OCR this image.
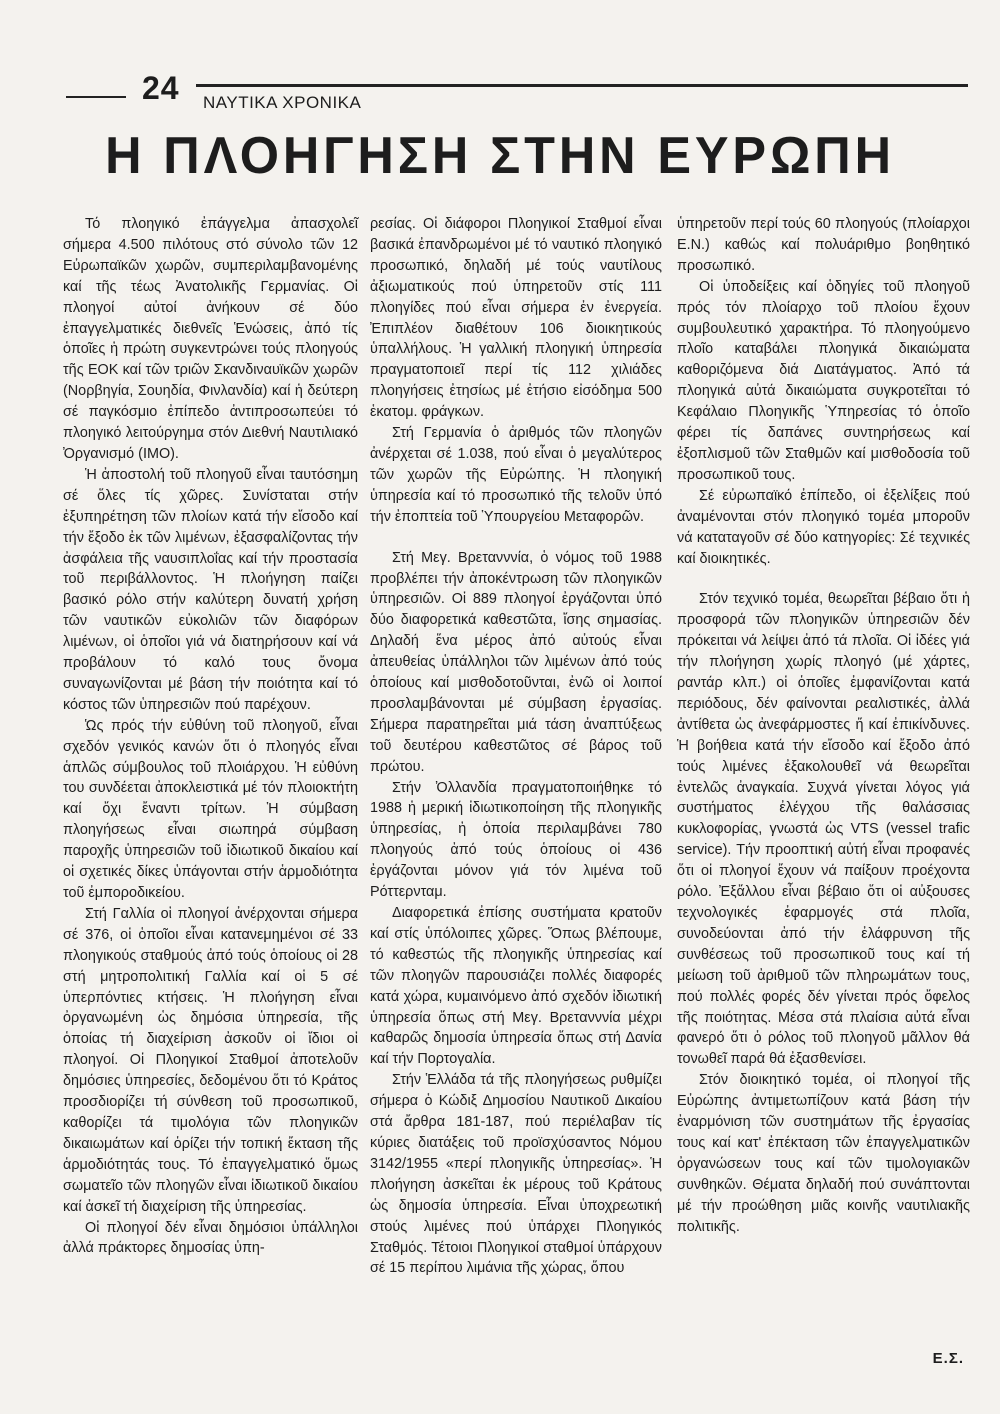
24 ΝΑΥΤΙΚΑ ΧΡΟΝΙΚΑ
Η ΠΛΟΗΓΗΣΗ ΣΤΗΝ ΕΥΡΩΠΗ

Τό πλοηγικό ἐπάγγελμα ἀπασχολεῖ σήμερα 4.500 πιλότους στό σύνολο τῶν 12 Εὐρωπαϊκῶν χωρῶν, συμπεριλαμβανομένης καί τῆς τέως Ἀνατολικῆς Γερμανίας. Οἱ πλοηγοί αὐτοί ἀνήκουν σέ δύο ἐπαγγελματικές διεθνεῖς Ἑνώσεις, ἀπό τίς ὁποῖες ἡ πρώτη συγκεντρώνει τούς πλοηγούς τῆς ΕΟΚ καί τῶν τριῶν Σκανδιναυϊκῶν χωρῶν (Νορβηγία, Σουηδία, Φινλανδία) καί ἡ δεύτερη σέ παγκόσμιο ἐπίπεδο ἀντιπροσωπεύει τό πλοηγικό λειτούργημα στόν Διεθνή Ναυτιλιακό Ὀργανισμό (ΙΜΟ).

Ἡ ἀποστολή τοῦ πλοηγοῦ εἶναι ταυτόσημη σέ ὅλες τίς χῶρες. Συνίσταται στήν ἐξυπηρέτηση τῶν πλοίων κατά τήν εἴσοδο καί τήν ἔξοδο ἐκ τῶν λιμένων, ἐξασφαλίζοντας τήν ἀσφάλεια τῆς ναυσιπλοΐας καί τήν προστασία τοῦ περιβάλλοντος. Ἡ πλοήγηση παίζει βασικό ρόλο στήν καλύτερη δυνατή χρήση τῶν ναυτικῶν εὐκολιῶν τῶν διαφόρων λιμένων, οἱ ὁποῖοι γιά νά διατηρήσουν καί νά προβάλουν τό καλό τους ὄνομα συναγωνίζονται μέ βάση τήν ποιότητα καί τό κόστος τῶν ὑπηρεσιῶν πού παρέχουν.

Ὡς πρός τήν εὐθύνη τοῦ πλοηγοῦ, εἶναι σχεδόν γενικός κανών ὅτι ὁ πλοηγός εἶναι ἁπλῶς σύμβουλος τοῦ πλοιάρχου. Ἡ εὐθύνη του συνδέεται ἀποκλειστικά μέ τόν πλοιοκτήτη καί ὄχι ἔναντι τρίτων. Ἡ σύμβαση πλοηγήσεως εἶναι σιωπηρά σύμβαση παροχῆς ὑπηρεσιῶν τοῦ ἰδιωτικοῦ δικαίου καί οἱ σχετικές δίκες ὑπάγονται στήν ἁρμοδιότητα τοῦ ἐμποροδικείου.

Στή Γαλλία οἱ πλοηγοί ἀνέρχονται σήμερα σέ 376, οἱ ὁποῖοι εἶναι κατανεμημένοι σέ 33 πλοηγικούς σταθμούς ἀπό τούς ὁποίους οἱ 28 στή μητροπολιτική Γαλλία καί οἱ 5 σέ ὑπερπόντιες κτήσεις. Ἡ πλοήγηση εἶναι ὀργανωμένη ὡς δημόσια ὑπηρεσία, τῆς ὁποίας τή διαχείριση ἀσκοῦν οἱ ἴδιοι οἱ πλοηγοί. Οἱ Πλοηγικοί Σταθμοί ἀποτελοῦν δημόσιες ὑπηρεσίες, δεδομένου ὅτι τό Κράτος προσδιορίζει τή σύνθεση τοῦ προσωπικοῦ, καθορίζει τά τιμολόγια τῶν πλοηγικῶν δικαιωμάτων καί ὁρίζει τήν τοπική ἔκταση τῆς ἁρμοδιότητάς τους. Τό ἐπαγγελματικό ὅμως σωματεῖο τῶν πλοηγῶν εἶναι ἰδιωτικοῦ δικαίου καί ἀσκεῖ τή διαχείριση τῆς ὑπηρεσίας.

Οἱ πλοηγοί δέν εἶναι δημόσιοι ὑπάλληλοι ἀλλά πράκτορες δημοσίας ὑπη-

ρεσίας. Οἱ διάφοροι Πλοηγικοί Σταθμοί εἶναι βασικά ἐπανδρωμένοι μέ τό ναυτικό πλοηγικό προσωπικό, δηλαδή μέ τούς ναυτίλους ἀξιωματικούς πού ὑπηρετοῦν στίς 111 πλοηγίδες πού εἶναι σήμερα ἐν ἐνεργεία. Ἐπιπλέον διαθέτουν 106 διοικητικούς ὑπαλλήλους. Ἡ γαλλική πλοηγική ὑπηρεσία πραγματοποιεῖ περί τίς 112 χιλιάδες πλοηγήσεις ἐτησίως μέ ἐτήσιο εἰσόδημα 500 ἑκατομ. φράγκων.

Στή Γερμανία ὁ ἀριθμός τῶν πλοηγῶν ἀνέρχεται σέ 1.038, πού εἶναι ὁ μεγαλύτερος τῶν χωρῶν τῆς Εὐρώπης. Ἡ πλοηγική ὑπηρεσία καί τό προσωπικό τῆς τελοῦν ὑπό τήν ἐποπτεία τοῦ Ὑπουργείου Μεταφορῶν.

Στή Μεγ. Βρετανννία, ὁ νόμος τοῦ 1988 προβλέπει τήν ἀποκέντρωση τῶν πλοηγικῶν ὑπηρεσιῶν. Οἱ 889 πλοηγοί ἐργάζονται ὑπό δύο διαφορετικά καθεστῶτα, ἴσης σημασίας. Δηλαδή ἕνα μέρος ἀπό αὐτούς εἶναι ἀπευθείας ὑπάλληλοι τῶν λιμένων ἀπό τούς ὁποίους καί μισθοδοτοῦνται, ἐνῶ οἱ λοιποί προσλαμβάνονται μέ σύμβαση ἐργασίας. Σήμερα παρατηρεῖται μιά τάση ἀναπτύξεως τοῦ δευτέρου καθεστῶτος σέ βάρος τοῦ πρώτου.

Στήν Ὀλλανδία πραγματοποιήθηκε τό 1988 ἡ μερική ἰδιωτικοποίηση τῆς πλοηγικῆς ὑπηρεσίας, ἡ ὁποία περιλαμβάνει 780 πλοηγούς ἀπό τούς ὁποίους οἱ 436 ἐργάζονται μόνον γιά τόν λιμένα τοῦ Ρόττερνταμ.

Διαφορετικά ἐπίσης συστήματα κρατοῦν καί στίς ὑπόλοιπες χῶρες. Ὅπως βλέπουμε, τό καθεστώς τῆς πλοηγικῆς ὑπηρεσίας καί τῶν πλοηγῶν παρουσιάζει πολλές διαφορές κατά χώρα, κυμαινόμενο ἀπό σχεδόν ἰδιωτική ὑπηρεσία ὅπως στή Μεγ. Βρετανννία μέχρι καθαρῶς δημοσία ὑπηρεσία ὅπως στή Δανία καί τήν Πορτογαλία.

Στήν Ἑλλάδα τά τῆς πλοηγήσεως ρυθμίζει σήμερα ὁ Κώδιξ Δημοσίου Ναυτικοῦ Δικαίου στά ἄρθρα 181-187, πού περιέλαβαν τίς κύριες διατάξεις τοῦ προϊσχύσαντος Νόμου 3142/1955 «περί πλοηγικῆς ὑπηρεσίας». Ἡ πλοήγηση ἀσκεῖται ἐκ μέρους τοῦ Κράτους ὡς δημοσία ὑπηρεσία. Εἶναι ὑποχρεωτική στούς λιμένες πού ὑπάρχει Πλοηγικός Σταθμός. Τέτοιοι Πλοηγικοί σταθμοί ὑπάρχουν σέ 15 περίπου λιμάνια τῆς χώρας, ὅπου

ὑπηρετοῦν περί τούς 60 πλοηγούς (πλοίαρχοι Ε.Ν.) καθώς καί πολυάριθμο βοηθητικό προσωπικό.

Οἱ ὑποδείξεις καί ὁδηγίες τοῦ πλοηγοῦ πρός τόν πλοίαρχο τοῦ πλοίου ἔχουν συμβουλευτικό χαρακτήρα. Τό πλοηγούμενο πλοῖο καταβάλει πλοηγικά δικαιώματα καθοριζόμενα διά Διατάγματος. Ἀπό τά πλοηγικά αὐτά δικαιώματα συγκροτεῖται τό Κεφάλαιο Πλοηγικῆς Ὑπηρεσίας τό ὁποῖο φέρει τίς δαπάνες συντηρήσεως καί ἐξοπλισμοῦ τῶν Σταθμῶν καί μισθοδοσία τοῦ προσωπικοῦ τους.

Σέ εὐρωπαϊκό ἐπίπεδο, οἱ ἐξελίξεις πού ἀναμένονται στόν πλοηγικό τομέα μποροῦν νά καταταγοῦν σέ δύο κατηγορίες: Σέ τεχνικές καί διοικητικές.

Στόν τεχνικό τομέα, θεωρεῖται βέβαιο ὅτι ἡ προσφορά τῶν πλοηγικῶν ὑπηρεσιῶν δέν πρόκειται νά λείψει ἀπό τά πλοῖα. Οἱ ἰδέες γιά τήν πλοήγηση χωρίς πλοηγό (μέ χάρτες, ραντάρ κλπ.) οἱ ὁποῖες ἐμφανίζονται κατά περιόδους, δέν φαίνονται ρεαλιστικές, ἀλλά ἀντίθετα ὡς ἀνεφάρμοστες ἤ καί ἐπικίνδυνες. Ἡ βοήθεια κατά τήν εἴσοδο καί ἔξοδο ἀπό τούς λιμένες ἐξακολουθεῖ νά θεωρεῖται ἐντελῶς ἀναγκαία. Συχνά γίνεται λόγος γιά συστήματος ἐλέγχου τῆς θαλάσσιας κυκλοφορίας, γνωστά ὡς VTS (vessel trafic service). Τήν προοπτική αὐτή εἶναι προφανές ὅτι οἱ πλοηγοί ἔχουν νά παίξουν προέχοντα ρόλο. Ἐξἄλλου εἶναι βέβαιο ὅτι οἱ αὐξουσες τεχνολογικές ἐφαρμογές στά πλοῖα, συνοδεύονται ἀπό τήν ἐλάφρυνση τῆς συνθέσεως τοῦ προσωπικοῦ τους καί τή μείωση τοῦ ἀριθμοῦ τῶν πληρωμάτων τους, πού πολλές φορές δέν γίνεται πρός ὄφελος τῆς ποιότητας. Μέσα στά πλαίσια αὐτά εἶναι φανερό ὅτι ὁ ρόλος τοῦ πλοηγοῦ μᾶλλον θά τονωθεῖ παρά θά ἐξασθενίσει.

Στόν διοικητικό τομέα, οἱ πλοηγοί τῆς Εὐρώπης ἀντιμετωπίζουν κατά βάση τήν ἐναρμόνιση τῶν συστημάτων τῆς ἐργασίας τους καί κατ' ἐπέκταση τῶν ἐπαγγελματικῶν ὀργανώσεων τους καί τῶν τιμολογιακῶν συνθηκῶν. Θέματα δηλαδή πού συνάπτονται μέ τήν προώθηση μιᾶς κοινῆς ναυτιλιακῆς πολιτικῆς.

Ε.Σ.
